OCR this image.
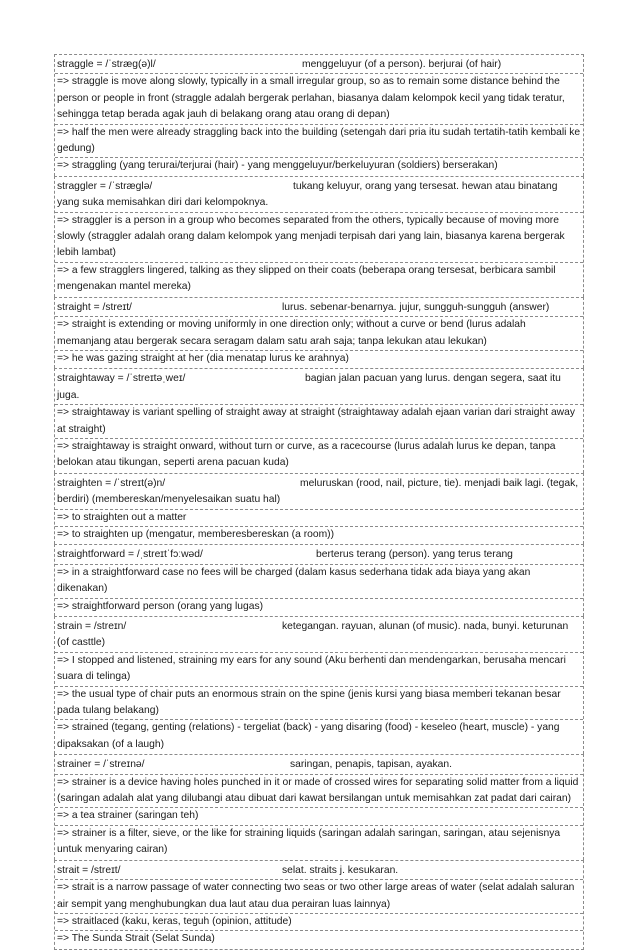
straggle = /ˈstræɡ(ə)l/	menggeluyur (of a person). berjurai (of hair)
=> straggle is move along slowly, typically in a small irregular group, so as to remain some distance behind the person or people in front (straggle adalah bergerak perlahan, biasanya dalam kelompok kecil yang tidak teratur, sehingga tetap berada agak jauh di belakang orang atau orang di depan)
=> half the men were already straggling back into the building (setengah dari pria itu sudah tertatih-tatih kembali ke gedung)
=> straggling (yang terurai/terjurai (hair) - yang menggeluyur/berkeluyuran (soldiers) berserakan)
straggler = /ˈstræɡlə/	tukang keluyur, orang yang tersesat. hewan atau binatang yang suka memisahkan diri dari kelompoknya.
=> straggler is a person in a group who becomes separated from the others, typically because of moving more slowly (straggler adalah orang dalam kelompok yang menjadi terpisah dari yang lain, biasanya karena bergerak lebih lambat)
=> a few stragglers lingered, talking as they slipped on their coats (beberapa orang tersesat, berbicara sambil mengenakan mantel mereka)
straight = /streɪt/	lurus. sebenar-benarnya. jujur, sungguh-sungguh (answer)
=> straight is extending or moving uniformly in one direction only; without a curve or bend (lurus adalah memanjang atau bergerak secara seragam dalam satu arah saja; tanpa lekukan atau lekukan)
=> he was gazing straight at her (dia menatap lurus ke arahnya)
straightaway = /ˈstreɪtəˌweɪ/	bagian jalan pacuan yang lurus. dengan segera, saat itu juga.
=> straightaway is variant spelling of straight away at straight (straightaway adalah ejaan varian dari straight away at straight)
=> straightaway is straight onward, without turn or curve, as a racecourse (lurus adalah lurus ke depan, tanpa belokan atau tikungan, seperti arena pacuan kuda)
straighten = /ˈstreɪt(ə)n/	meluruskan (rood, nail, picture, tie). menjadi baik lagi. (tegak, berdiri) (membereskan/menyelesaikan suatu hal)
=> to straighten out a matter
=> to straighten up (mengatur, memberesbereskan (a room))
straightforward = /ˌstreɪtˈfɔːwəd/	berterus terang (person). yang terus terang
=> in a straightforward case no fees will be charged (dalam kasus sederhana tidak ada biaya yang akan dikenakan)
=> straightforward person (orang yang lugas)
strain = /streɪn/	ketegangan. rayuan, alunan (of music). nada, bunyi. keturunan (of casttle)
=> I stopped and listened, straining my ears for any sound (Aku berhenti dan mendengarkan, berusaha mencari suara di telinga)
=> the usual type of chair puts an enormous strain on the spine (jenis kursi yang biasa memberi tekanan besar pada tulang belakang)
=> strained (tegang, genting (relations) - tergeliat (back) - yang disaring (food) - keseleo (heart, muscle) - yang dipaksakan (of a laugh)
strainer = /ˈstreɪnə/	saringan, penapis, tapisan, ayakan.
=> strainer is a device having holes punched in it or made of crossed wires for separating solid matter from a liquid (saringan adalah alat yang dilubangi atau dibuat dari kawat bersilangan untuk memisahkan zat padat dari cairan)
=> a tea strainer (saringan teh)
=> strainer is a filter, sieve, or the like for straining liquids (saringan adalah saringan, saringan, atau sejenisnya untuk menyaring cairan)
strait = /streɪt/	selat. straits j. kesukaran.
=> strait is a narrow passage of water connecting two seas or two other large areas of water (selat adalah saluran air sempit yang menghubungkan dua laut atau dua perairan luas lainnya)
=> straitlaced (kaku, keras, teguh (opinion, attitude)
=> The Sunda Strait (Selat Sunda)
